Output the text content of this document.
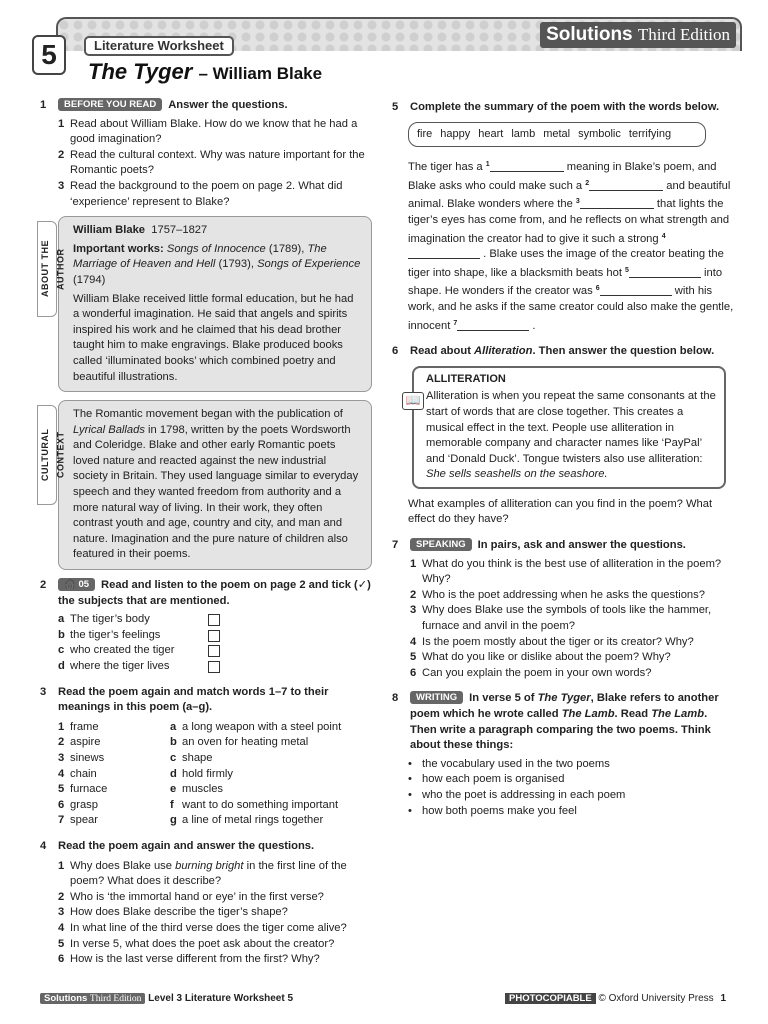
5	Literature Worksheet
Solutions Third Edition
The Tyger – William Blake
1	BEFORE YOU READ Answer the questions.
1 Read about William Blake. How do we know that he had a good imagination?
2 Read the cultural context. Why was nature important for the Romantic poets?
3 Read the background to the poem on page 2. What did ‘experience’ represent to Blake?
ABOUT THE AUTHOR
William Blake 1757–1827
Important works: Songs of Innocence (1789), The Marriage of Heaven and Hell (1793), Songs of Experience (1794)
William Blake received little formal education, but he had a wonderful imagination. He said that angels and spirits inspired his work and he claimed that his dead brother taught him to make engravings. Blake produced books called ‘illuminated books’ which combined poetry and beautiful illustrations.
CULTURAL CONTEXT
The Romantic movement began with the publication of Lyrical Ballads in 1798, written by the poets Wordsworth and Coleridge. Blake and other early Romantic poets loved nature and reacted against the new industrial society in Britain. They used language similar to everyday speech and they wanted freedom from authority and a more natural way of living. In their work, they often contrast youth and age, country and city, and man and nature. Imagination and the pure nature of children also featured in their poems.
2	🎧 05 Read and listen to the poem on page 2 and tick (✓) the subjects that are mentioned.
a The tiger’s body
b the tiger’s feelings
c who created the tiger
d where the tiger lives
3	Read the poem again and match words 1–7 to their meanings in this poem (a–g).
1 frame	a a long weapon with a steel point
2 aspire	b an oven for heating metal
3 sinews	c shape
4 chain	d hold firmly
5 furnace	e muscles
6 grasp	f want to do something important
7 spear	g a line of metal rings together
4	Read the poem again and answer the questions.
1 Why does Blake use burning bright in the first line of the poem? What does it describe?
2 Who is ‘the immortal hand or eye’ in the first verse?
3 How does Blake describe the tiger’s shape?
4 In what line of the third verse does the tiger come alive?
5 In verse 5, what does the poet ask about the creator?
6 How is the last verse different from the first? Why?
5	Complete the summary of the poem with the words below.
fire happy heart lamb metal symbolic terrifying
The tiger has a $^1$	meaning in Blake’s poem, and Blake asks who could make such a $^2$	and beautiful animal. Blake wonders where the $^3$	that lights the tiger’s eyes has come from, and he reflects on what strength and imagination the creator had to give it such a strong $^4$ . Blake uses the image of the creator beating the tiger into shape, like a blacksmith beats hot $^5$	into shape. He wonders if the creator was $^6$	with his work, and he asks if the same creator could also make the gentle, innocent $^7$	.
6	Read about Alliteration. Then answer the question below.
📖
ALLITERATION
Alliteration is when you repeat the same consonants at the start of words that are close together. This creates a musical effect in the text. People use alliteration in memorable company and character names like ‘PayPal’ and ‘Donald Duck’. Tongue twisters also use alliteration:
She sells seashells on the seashore.
What examples of alliteration can you find in the poem? What effect do they have?
7	SPEAKING In pairs, ask and answer the questions.
1 What do you think is the best use of alliteration in the poem? Why?
2 Who is the poet addressing when he asks the questions?
3 Why does Blake use the symbols of tools like the hammer, furnace and anvil in the poem?
4 Is the poem mostly about the tiger or its creator? Why?
5 What do you like or dislike about the poem? Why?
6 Can you explain the poem in your own words?
8	WRITING In verse 5 of The Tyger, Blake refers to another poem which he wrote called The Lamb. Read The Lamb. Then write a paragraph comparing the two poems. Think about these things:
• the vocabulary used in the two poems
• how each poem is organised
• who the poet is addressing in each poem
• how both poems make you feel
Solutions Third Edition Level 3 Literature Worksheet 5	PHOTOCOPIABLE © Oxford University Press 1
